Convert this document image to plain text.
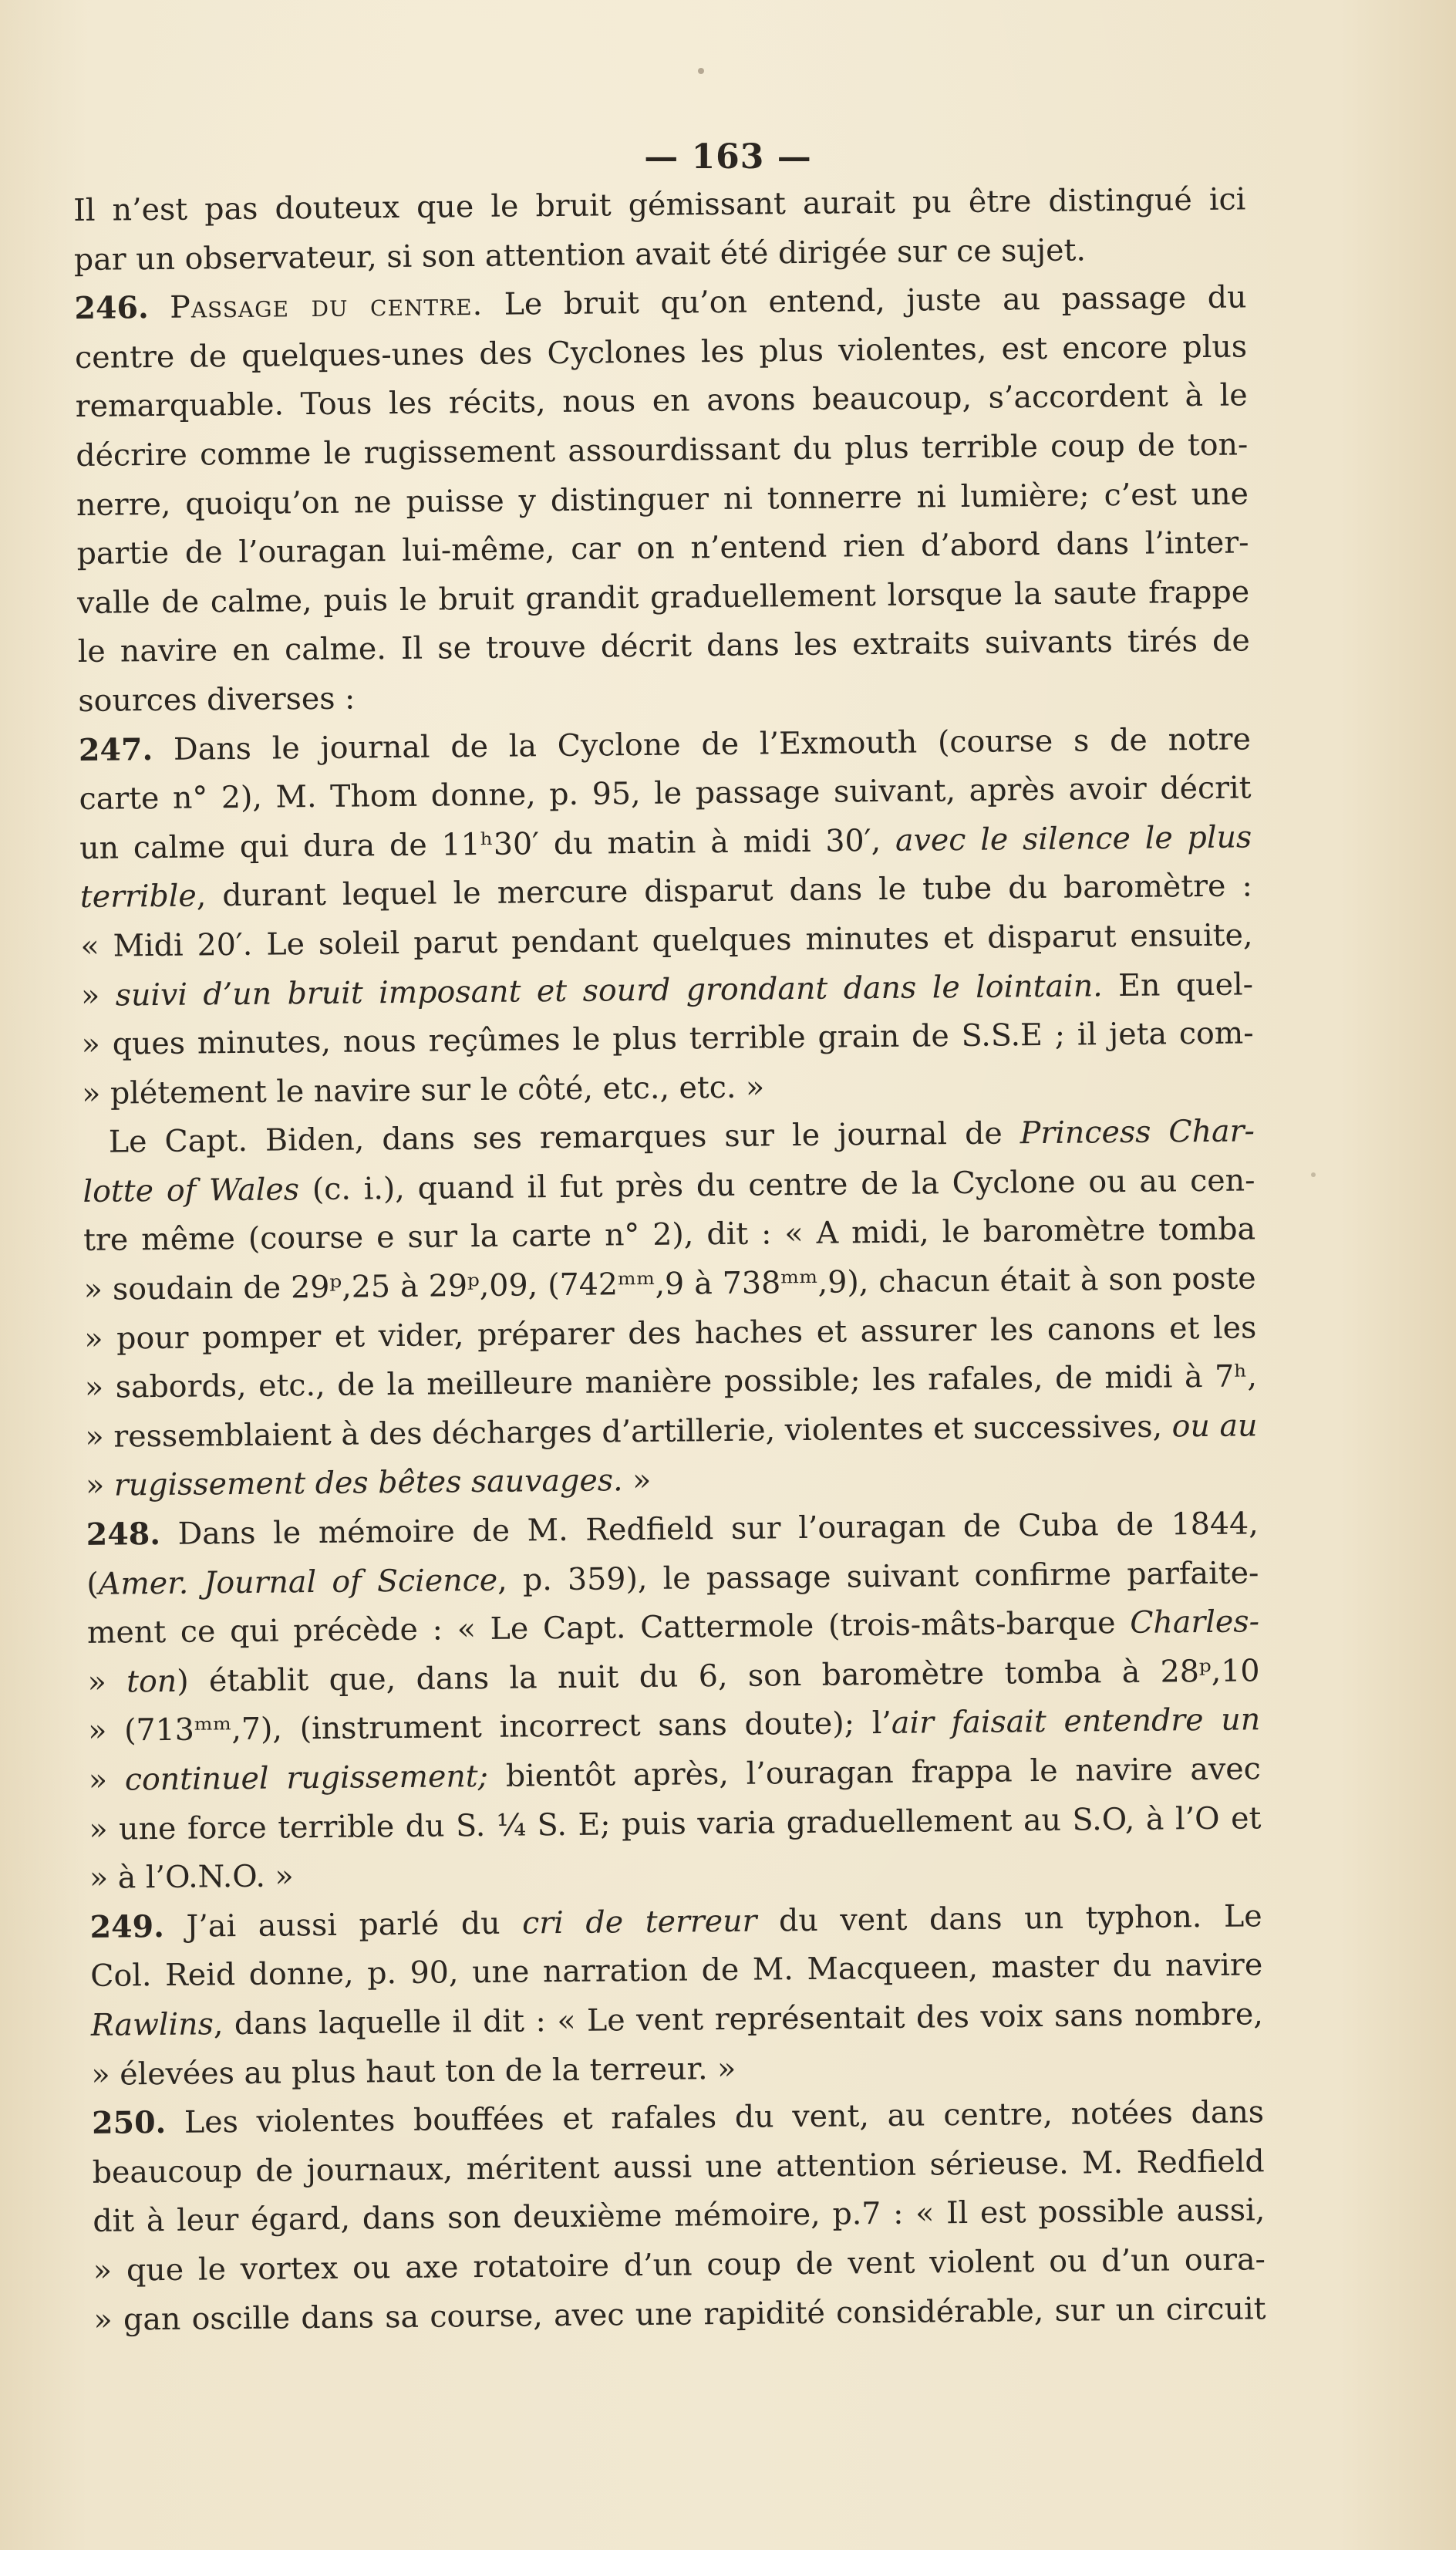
— 163 —
Il n’est pas douteux que le bruit gémissant aurait pu être distingué ici
par un observateur, si son attention avait été dirigée sur ce sujet.
246. Passage du centre. Le bruit qu’on entend, juste au passage du
centre de quelques-unes des Cyclones les plus violentes, est encore plus
remarquable. Tous les récits, nous en avons beaucoup, s’accordent à le
décrire comme le rugissement assourdissant du plus terrible coup de ton-
nerre, quoiqu’on ne puisse y distinguer ni tonnerre ni lumière; c’est une
partie de l’ouragan lui-même, car on n’entend rien d’abord dans l’inter-
valle de calme, puis le bruit grandit graduellement lorsque la saute frappe
le navire en calme. Il se trouve décrit dans les extraits suivants tirés de
sources diverses :
247. Dans le journal de la Cyclone de l’Exmouth (course s de notre
carte n° 2), M. Thom donne, p. 95, le passage suivant, après avoir décrit
un calme qui dura de 11ʰ30′ du matin à midi 30′, avec le silence le plus
terrible, durant lequel le mercure disparut dans le tube du baromètre :
« Midi 20′. Le soleil parut pendant quelques minutes et disparut ensuite,
» suivi d’un bruit imposant et sourd grondant dans le lointain. En quel-
» ques minutes, nous reçûmes le plus terrible grain de S.S.E ; il jeta com-
» plétement le navire sur le côté, etc., etc. »
Le Capt. Biden, dans ses remarques sur le journal de Princess Char-
lotte of Wales (c. i.), quand il fut près du centre de la Cyclone ou au cen-
tre même (course e sur la carte n° 2), dit : « A midi, le baromètre tomba
» soudain de 29ᵖ,25 à 29ᵖ,09, (742ᵐᵐ,9 à 738ᵐᵐ,9), chacun était à son poste
» pour pomper et vider, préparer des haches et assurer les canons et les
» sabords, etc., de la meilleure manière possible; les rafales, de midi à 7ʰ,
» ressemblaient à des décharges d’artillerie, violentes et successives, ou au
» rugissement des bêtes sauvages. »
248. Dans le mémoire de M. Redfield sur l’ouragan de Cuba de 1844,
(Amer. Journal of Science, p. 359), le passage suivant confirme parfaite-
ment ce qui précède : « Le Capt. Cattermole (trois-mâts-barque Charles-
» ton) établit que, dans la nuit du 6, son baromètre tomba à 28ᵖ,10
» (713ᵐᵐ,7), (instrument incorrect sans doute); l’air faisait entendre un
» continuel rugissement; bientôt après, l’ouragan frappa le navire avec
» une force terrible du S. ¼ S. E; puis varia graduellement au S.O, à l’O et
» à l’O.N.O. »
249. J’ai aussi parlé du cri de terreur du vent dans un typhon. Le
Col. Reid donne, p. 90, une narration de M. Macqueen, master du navire
Rawlins, dans laquelle il dit : « Le vent représentait des voix sans nombre,
» élevées au plus haut ton de la terreur. »
250. Les violentes bouffées et rafales du vent, au centre, notées dans
beaucoup de journaux, méritent aussi une attention sérieuse. M. Redfield
dit à leur égard, dans son deuxième mémoire, p.7 : « Il est possible aussi,
» que le vortex ou axe rotatoire d’un coup de vent violent ou d’un oura-
» gan oscille dans sa course, avec une rapidité considérable, sur un circuit
